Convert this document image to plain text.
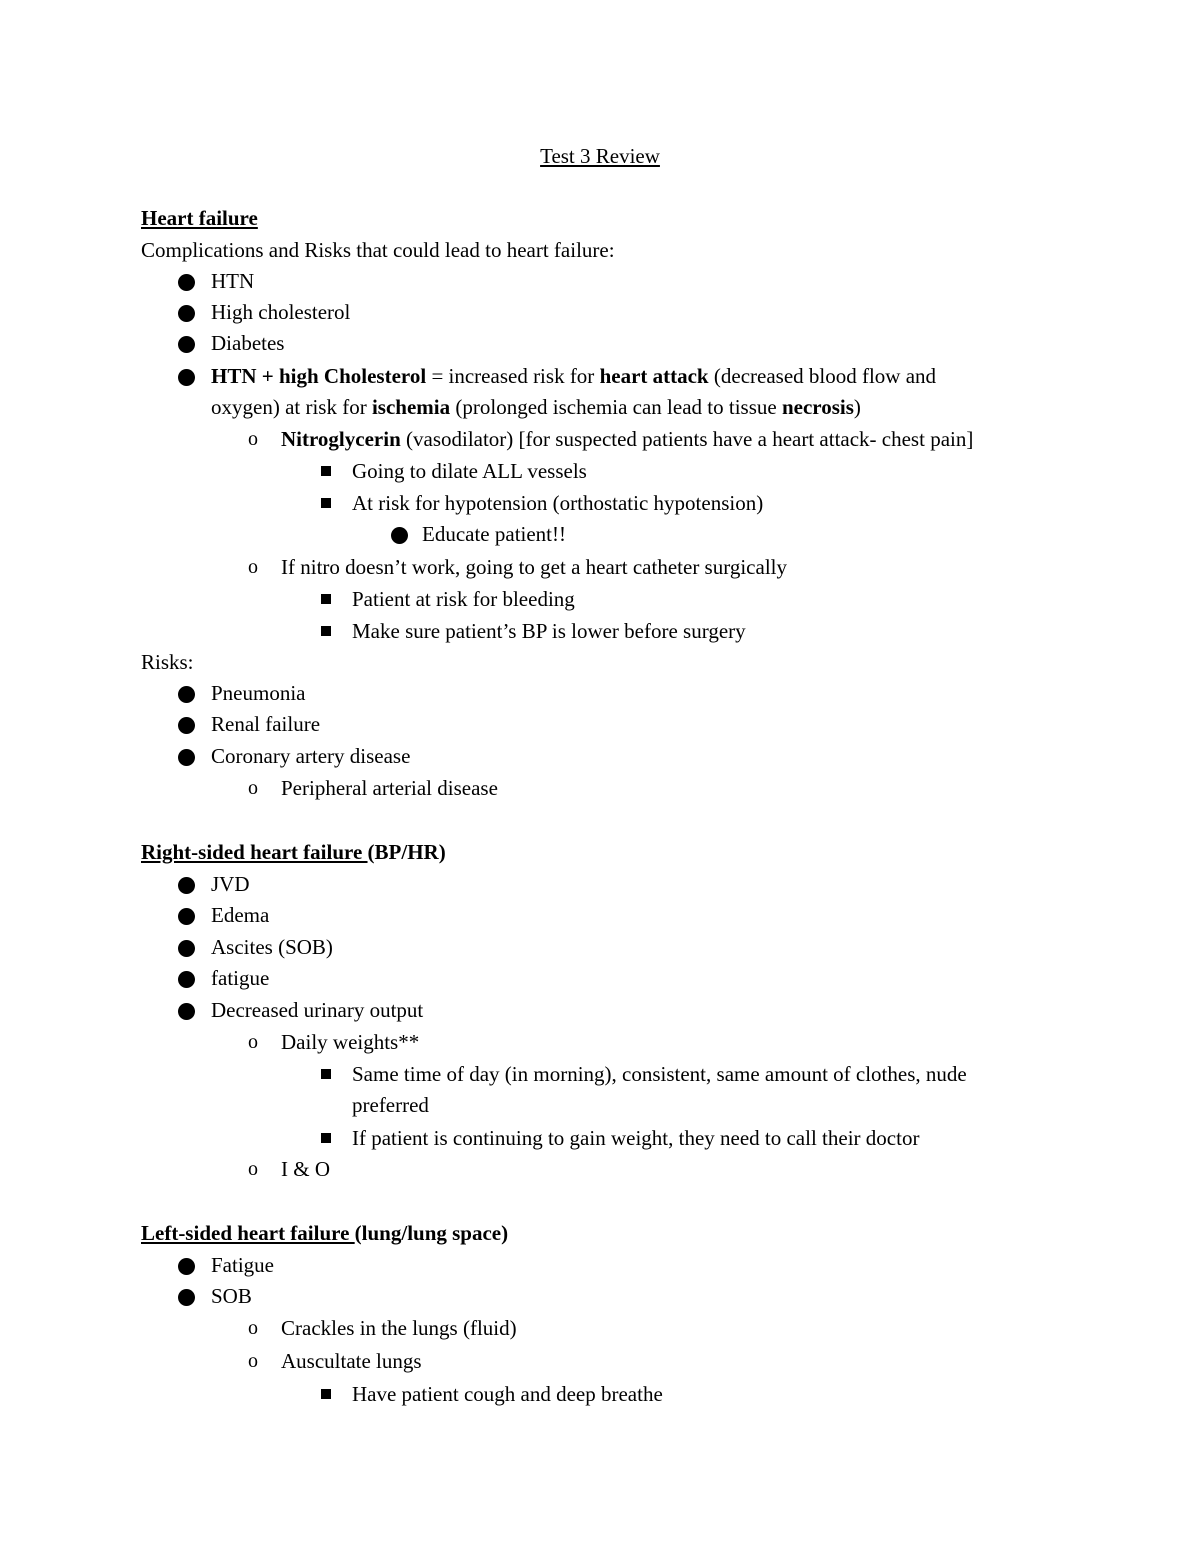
Test 3 Review
Heart failure
Complications and Risks that could lead to heart failure:
HTN
High cholesterol
Diabetes
HTN + high Cholesterol = increased risk for heart attack (decreased blood flow and
oxygen) at risk for ischemia (prolonged ischemia can lead to tissue necrosis)
o Nitroglycerin (vasodilator) [for suspected patients have a heart attack- chest pain]
Going to dilate ALL vessels
At risk for hypotension (orthostatic hypotension)
Educate patient!!
o If nitro doesn’t work, going to get a heart catheter surgically
Patient at risk for bleeding
Make sure patient’s BP is lower before surgery
Risks:
Pneumonia
Renal failure
Coronary artery disease
o Peripheral arterial disease
Right-sided heart failure (BP/HR)
JVD
Edema
Ascites (SOB)
fatigue
Decreased urinary output
o Daily weights**
Same time of day (in morning), consistent, same amount of clothes, nude
preferred
If patient is continuing to gain weight, they need to call their doctor
o I & O
Left-sided heart failure (lung/lung space)
Fatigue
SOB
o Crackles in the lungs (fluid)
o Auscultate lungs
Have patient cough and deep breathe
